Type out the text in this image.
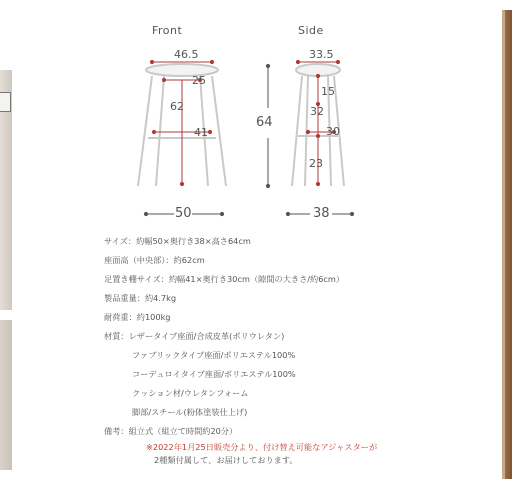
Front	Side
46.5
25
62
41
50
64
33.5
15
32
30
23
38
サイズ：約幅50×奥行き38×高さ64cm
座面高（中央部）：約62cm
足置き棚サイズ：約幅41×奥行き30cm（隙間の大きさ/約6cm）
製品重量：約4.7kg
耐荷重：約100kg
材質：レザータイプ座面/合成皮革(ポリウレタン)
ファブリックタイプ座面/ポリエステル100%
コーデュロイタイプ座面/ポリエステル100%
クッション材/ウレタンフォーム
脚部/スチール(粉体塗装仕上げ)
備考：組立式（組立て時間約20分）
※2022年1月25日販売分より、付け替え可能なアジャスターが
2種類付属して、お届けしております。
